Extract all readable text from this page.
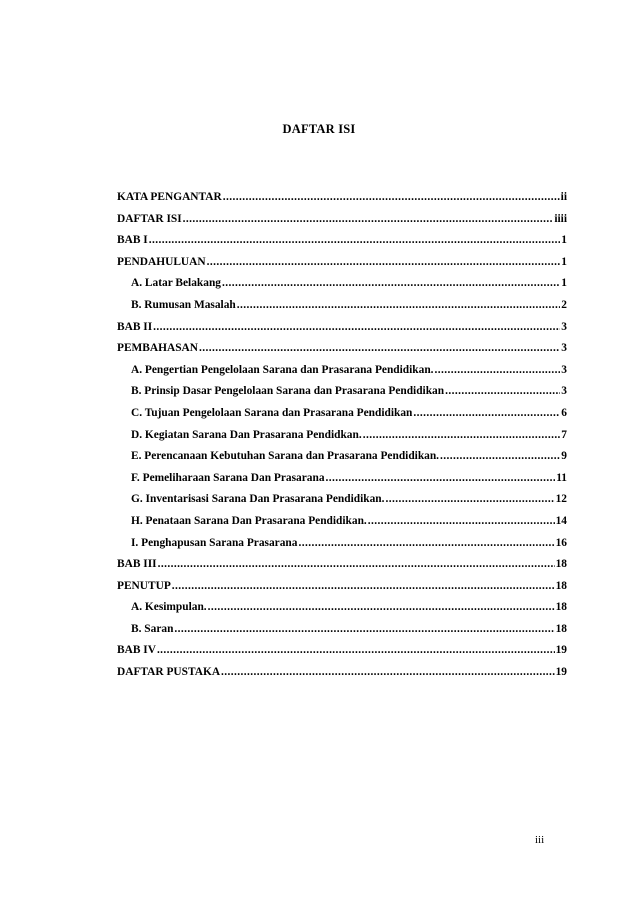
DAFTAR ISI
KATA PENGANTAR .....	ii
DAFTAR ISI .....	iiii
BAB I .....	1
PENDAHULUAN .....	1
A. Latar Belakang .....	1
B. Rumusan Masalah .....	2
BAB II .....	3
PEMBAHASAN .....	3
A. Pengertian Pengelolaan Sarana dan Prasarana Pendidikan. .....	3
B. Prinsip Dasar Pengelolaan Sarana dan Prasarana Pendidikan .....	3
C. Tujuan Pengelolaan Sarana dan Prasarana Pendidikan .....	6
D. Kegiatan Sarana Dan Prasarana Pendidkan. .....	7
E. Perencanaan Kebutuhan Sarana dan Prasarana Pendidikan. .....	9
F. Pemeliharaan Sarana Dan Prasarana .....	11
G. Inventarisasi Sarana Dan Prasarana Pendidikan. .....	12
H. Penataan Sarana Dan Prasarana Pendidikan. .....	14
I. Penghapusan Sarana Prasarana .....	16
BAB III .....	18
PENUTUP .....	18
A. Kesimpulan. .....	18
B. Saran .....	18
BAB IV .....	19
DAFTAR PUSTAKA .....	19
iii
